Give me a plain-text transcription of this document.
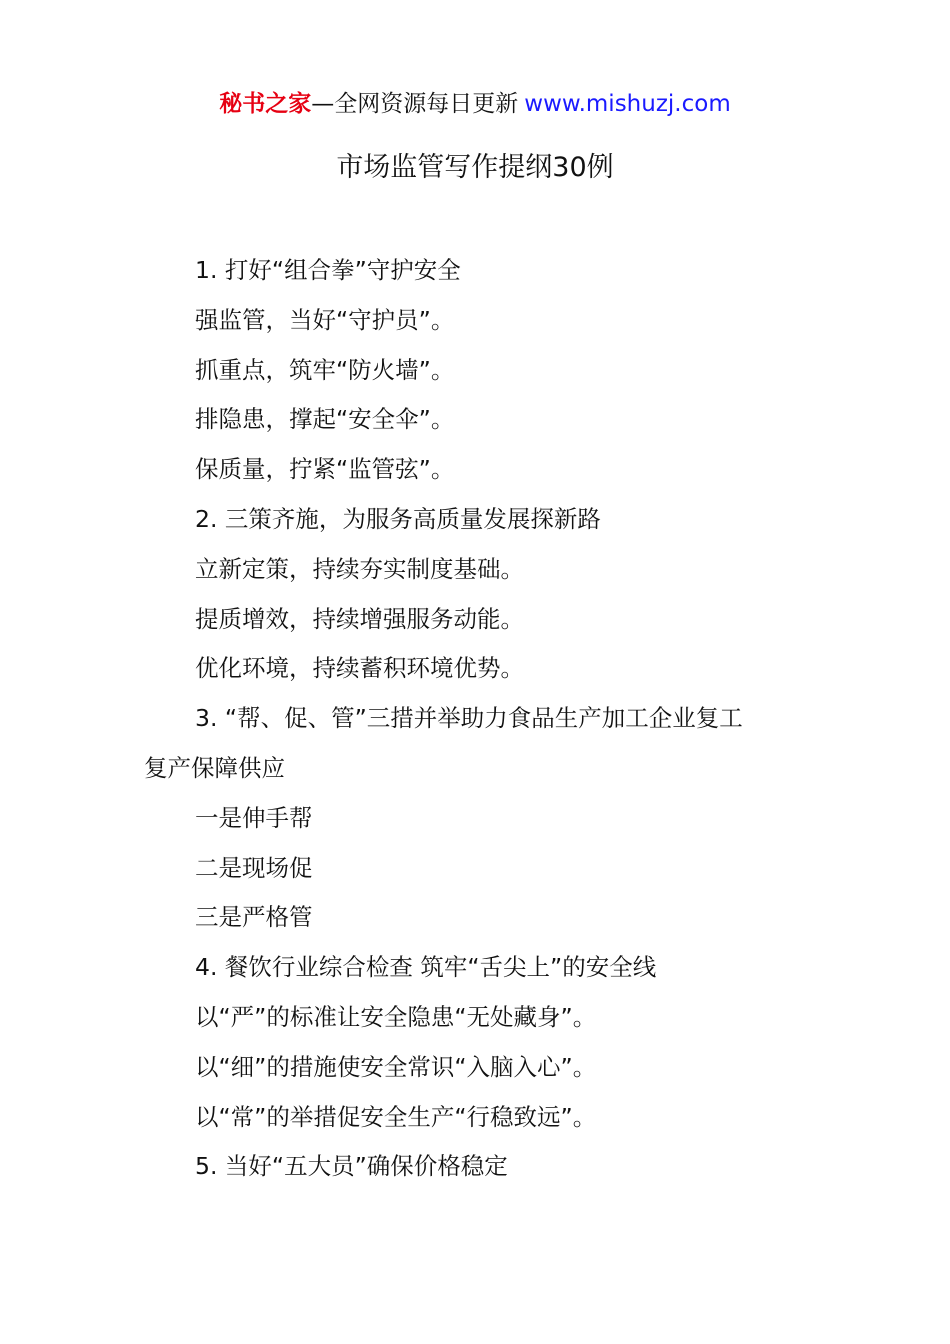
秘书之家—全网资源每日更新 www.mishuzj.com
市场监管写作提纲30例
1. 打好“组合拳”守护安全
强监管，当好“守护员”。
抓重点，筑牢“防火墙”。
排隐患，撑起“安全伞”。
保质量，拧紧“监管弦”。
2. 三策齐施，为服务高质量发展探新路
立新定策，持续夯实制度基础。
提质增效，持续增强服务动能。
优化环境，持续蓄积环境优势。
3. “帮、促、管”三措并举助力食品生产加工企业复工
复产保障供应
一是伸手帮
二是现场促
三是严格管
4. 餐饮行业综合检查 筑牢“舌尖上”的安全线
以“严”的标准让安全隐患“无处藏身”。
以“细”的措施使安全常识“入脑入心”。
以“常”的举措促安全生产“行稳致远”。
5. 当好“五大员”确保价格稳定
